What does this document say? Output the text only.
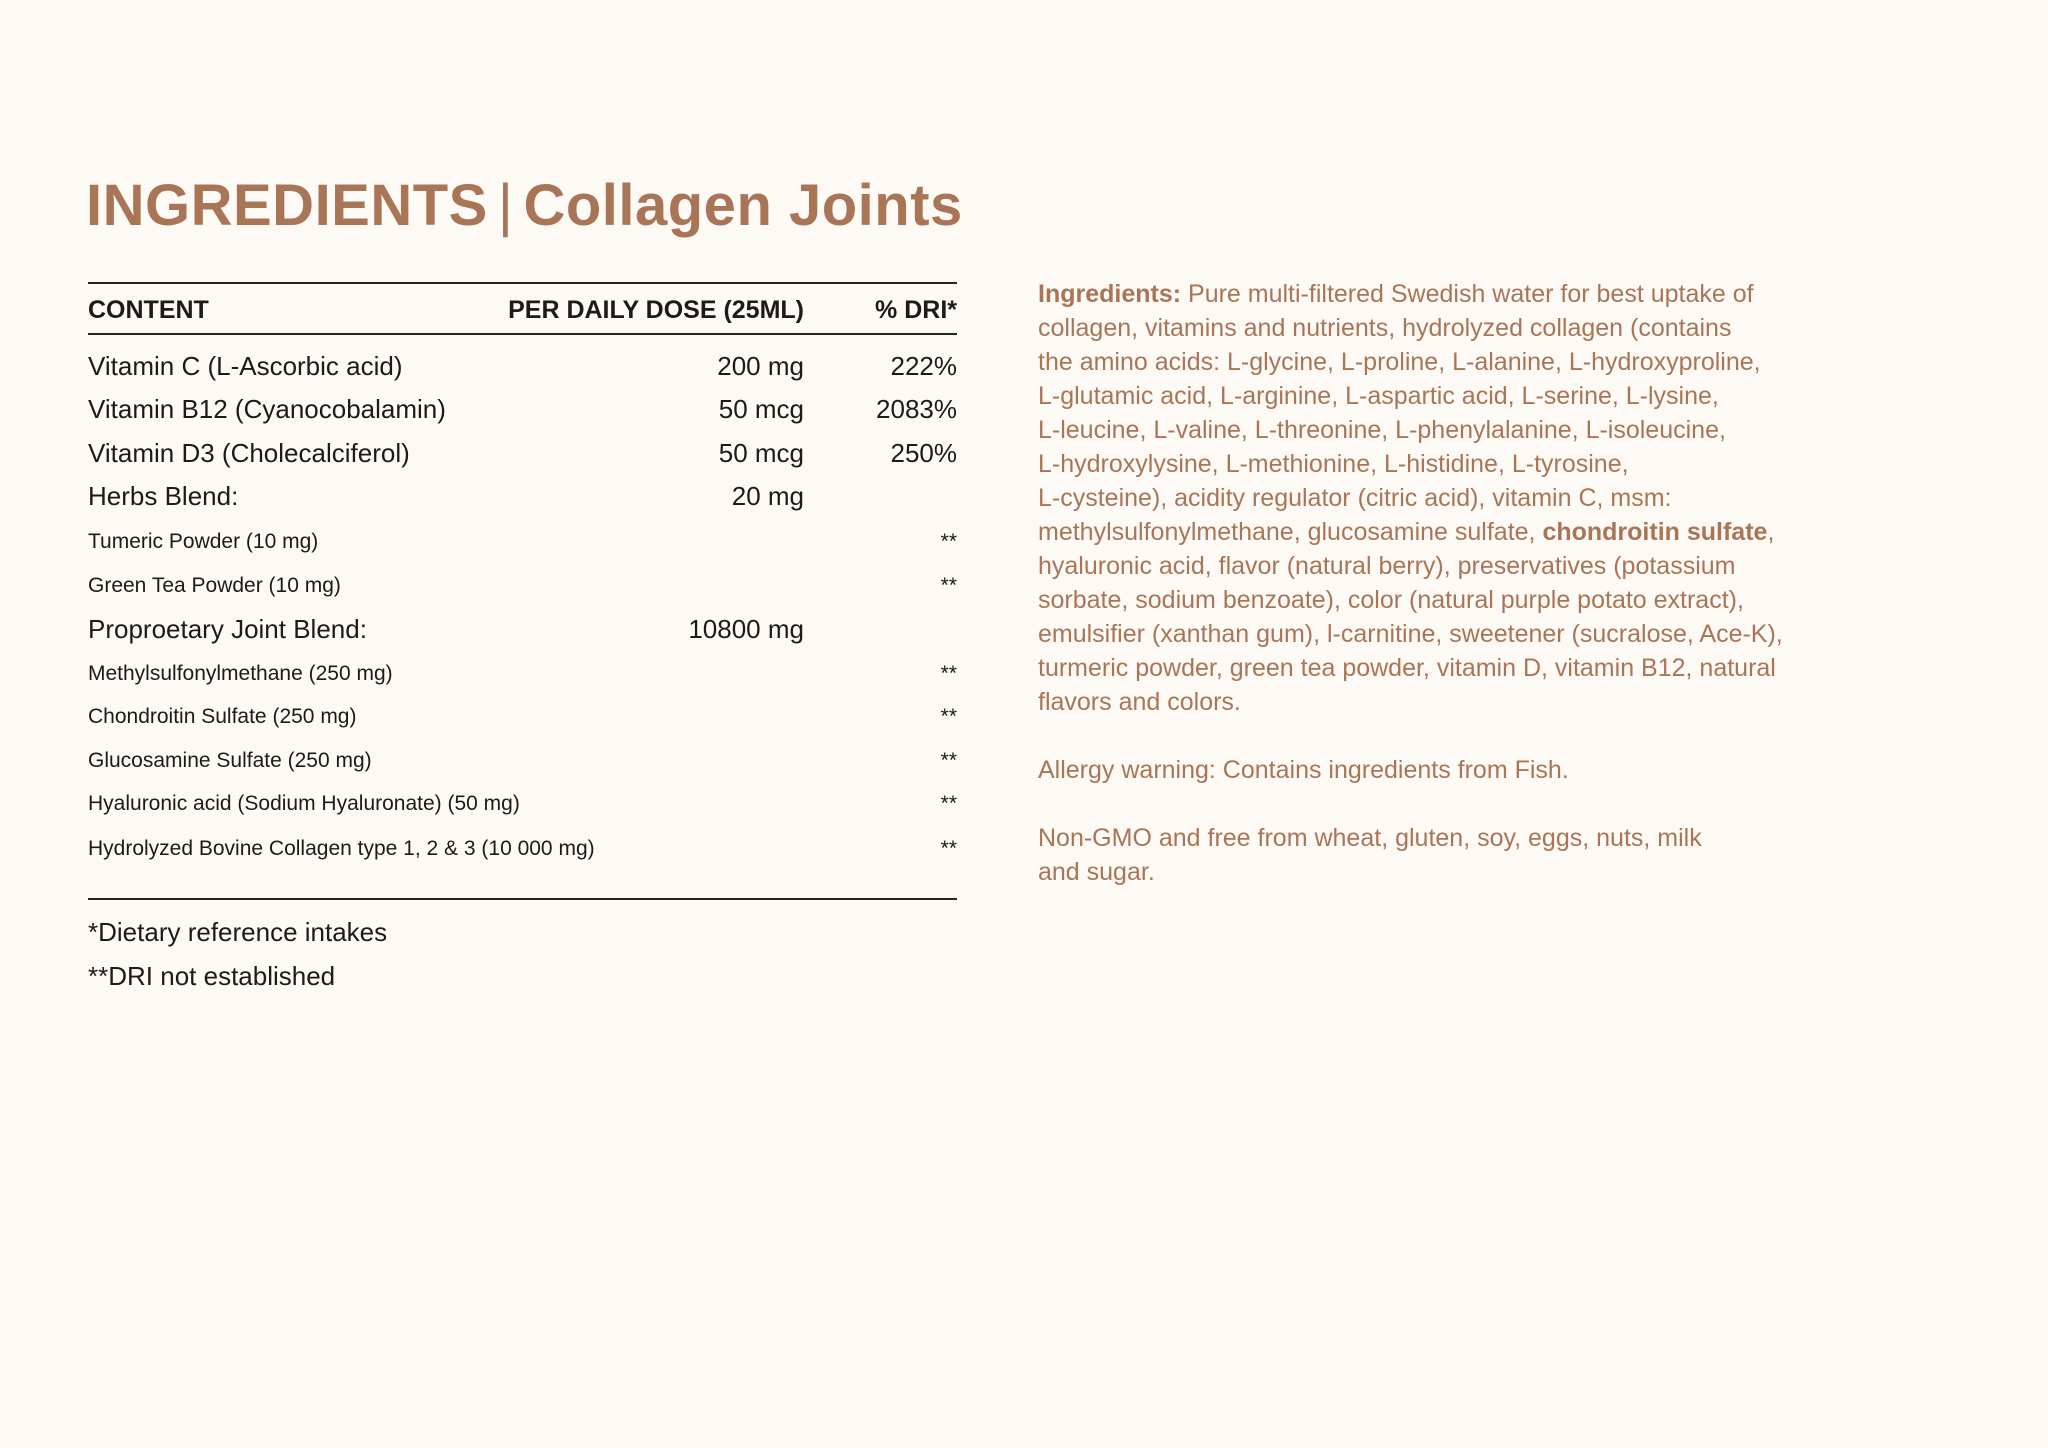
INGREDIENTS | Collagen Joints
CONTENT	PER DAILY DOSE (25ML)	% DRI*
Vitamin C (L-Ascorbic acid)	200 mg	222%
Vitamin B12 (Cyanocobalamin)	50 mcg	2083%
Vitamin D3 (Cholecalciferol)	50 mcg	250%
Herbs Blend:	20 mg
Tumeric Powder (10 mg)	**
Green Tea Powder (10 mg)	**
Proproetary Joint Blend:	10800 mg
Methylsulfonylmethane (250 mg)	**
Chondroitin Sulfate (250 mg)	**
Glucosamine Sulfate (250 mg)	**
Hyaluronic acid (Sodium Hyaluronate) (50 mg)	**
Hydrolyzed Bovine Collagen type 1, 2 & 3 (10 000 mg)	**
*Dietary reference intakes
**DRI not established
Ingredients: Pure multi-filtered Swedish water for best uptake of
collagen, vitamins and nutrients, hydrolyzed collagen (contains
the amino acids: L-glycine, L-proline, L-alanine, L-hydroxyproline,
L-glutamic acid, L-arginine, L-aspartic acid, L-serine, L-lysine,
L-leucine, L-valine, L-threonine, L-phenylalanine, L-isoleucine,
L-hydroxylysine, L-methionine, L-histidine, L-tyrosine,
L-cysteine), acidity regulator (citric acid), vitamin C, msm:
methylsulfonylmethane, glucosamine sulfate, chondroitin sulfate,
hyaluronic acid, flavor (natural berry), preservatives (potassium
sorbate, sodium benzoate), color (natural purple potato extract),
emulsifier (xanthan gum), l-carnitine, sweetener (sucralose, Ace-K),
turmeric powder, green tea powder, vitamin D, vitamin B12, natural
flavors and colors.
Allergy warning: Contains ingredients from Fish.
Non-GMO and free from wheat, gluten, soy, eggs, nuts, milk
and sugar.
